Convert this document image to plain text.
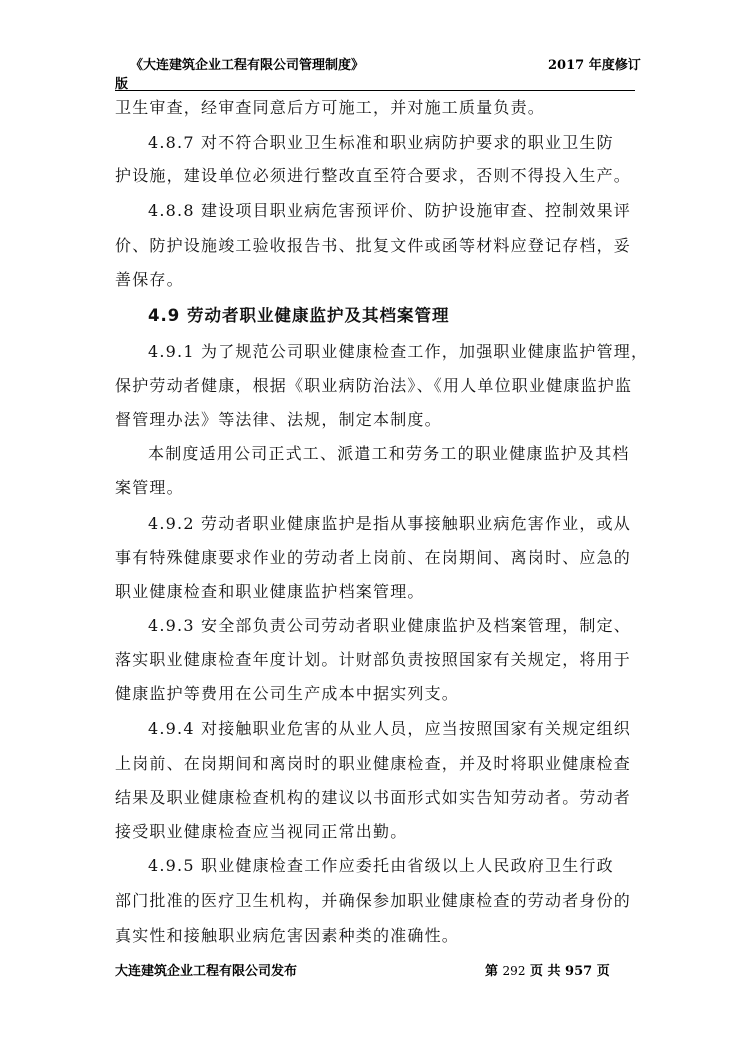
《大连建筑企业工程有限公司管理制度》	2017 年度修订
版
卫生审查，经审查同意后方可施工，并对施工质量负责。
4.8.7 对不符合职业卫生标准和职业病防护要求的职业卫生防
护设施，建设单位必须进行整改直至符合要求，否则不得投入生产。
4.8.8 建设项目职业病危害预评价、防护设施审查、控制效果评
价、防护设施竣工验收报告书、批复文件或函等材料应登记存档，妥
善保存。
4.9 劳动者职业健康监护及其档案管理
4.9.1 为了规范公司职业健康检查工作，加强职业健康监护管理，
保护劳动者健康，根据《职业病防治法》、《用人单位职业健康监护监
督管理办法》等法律、法规，制定本制度。
本制度适用公司正式工、派遣工和劳务工的职业健康监护及其档
案管理。
4.9.2 劳动者职业健康监护是指从事接触职业病危害作业，或从
事有特殊健康要求作业的劳动者上岗前、在岗期间、离岗时、应急的
职业健康检查和职业健康监护档案管理。
4.9.3 安全部负责公司劳动者职业健康监护及档案管理，制定、
落实职业健康检查年度计划。计财部负责按照国家有关规定，将用于
健康监护等费用在公司生产成本中据实列支。
4.9.4 对接触职业危害的从业人员，应当按照国家有关规定组织
上岗前、在岗期间和离岗时的职业健康检查，并及时将职业健康检查
结果及职业健康检查机构的建议以书面形式如实告知劳动者。劳动者
接受职业健康检查应当视同正常出勤。
4.9.5 职业健康检查工作应委托由省级以上人民政府卫生行政
部门批准的医疗卫生机构，并确保参加职业健康检查的劳动者身份的
真实性和接触职业病危害因素种类的准确性。
大连建筑企业工程有限公司发布	第 292 页 共 957 页
